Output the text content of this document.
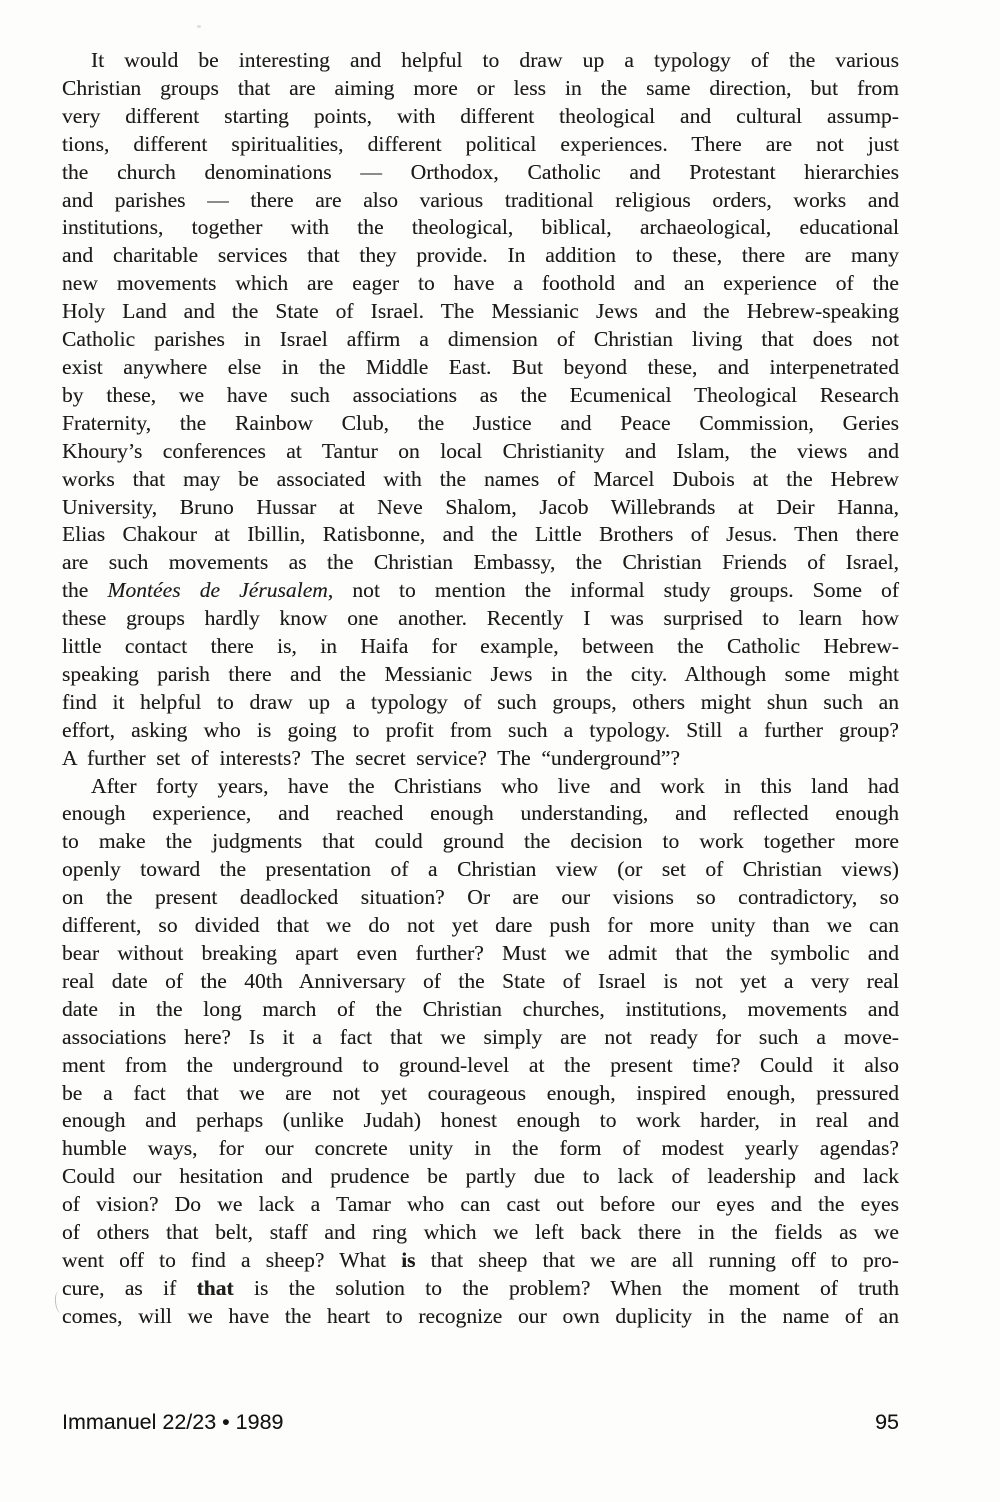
It would be interesting and helpful to draw up a typology of the various
Christian groups that are aiming more or less in the same direction, but from
very different starting points, with different theological and cultural assump-
tions, different spiritualities, different political experiences. There are not just
the church denominations — Orthodox, Catholic and Protestant hierarchies
and parishes — there are also various traditional religious orders, works and
institutions, together with the theological, biblical, archaeological, educational
and charitable services that they provide. In addition to these, there are many
new movements which are eager to have a foothold and an experience of the
Holy Land and the State of Israel. The Messianic Jews and the Hebrew-speaking
Catholic parishes in Israel affirm a dimension of Christian living that does not
exist anywhere else in the Middle East. But beyond these, and interpenetrated
by these, we have such associations as the Ecumenical Theological Research
Fraternity, the Rainbow Club, the Justice and Peace Commission, Geries
Khoury’s conferences at Tantur on local Christianity and Islam, the views and
works that may be associated with the names of Marcel Dubois at the Hebrew
University, Bruno Hussar at Neve Shalom, Jacob Willebrands at Deir Hanna,
Elias Chakour at Ibillin, Ratisbonne, and the Little Brothers of Jesus. Then there
are such movements as the Christian Embassy, the Christian Friends of Israel,
the Montées de Jérusalem, not to mention the informal study groups. Some of
these groups hardly know one another. Recently I was surprised to learn how
little contact there is, in Haifa for example, between the Catholic Hebrew-
speaking parish there and the Messianic Jews in the city. Although some might
find it helpful to draw up a typology of such groups, others might shun such an
effort, asking who is going to profit from such a typology. Still a further group?
A further set of interests? The secret service? The “underground”?

After forty years, have the Christians who live and work in this land had
enough experience, and reached enough understanding, and reflected enough
to make the judgments that could ground the decision to work together more
openly toward the presentation of a Christian view (or set of Christian views)
on the present deadlocked situation? Or are our visions so contradictory, so
different, so divided that we do not yet dare push for more unity than we can
bear without breaking apart even further? Must we admit that the symbolic and
real date of the 40th Anniversary of the State of Israel is not yet a very real
date in the long march of the Christian churches, institutions, movements and
associations here? Is it a fact that we simply are not ready for such a move-
ment from the underground to ground-level at the present time? Could it also
be a fact that we are not yet courageous enough, inspired enough, pressured
enough and perhaps (unlike Judah) honest enough to work harder, in real and
humble ways, for our concrete unity in the form of modest yearly agendas?
Could our hesitation and prudence be partly due to lack of leadership and lack
of vision? Do we lack a Tamar who can cast out before our eyes and the eyes
of others that belt, staff and ring which we left back there in the fields as we
went off to find a sheep? What is that sheep that we are all running off to pro-
cure, as if that is the solution to the problem? When the moment of truth
comes, will we have the heart to recognize our own duplicity in the name of an

Immanuel 22/23 • 1989	95
